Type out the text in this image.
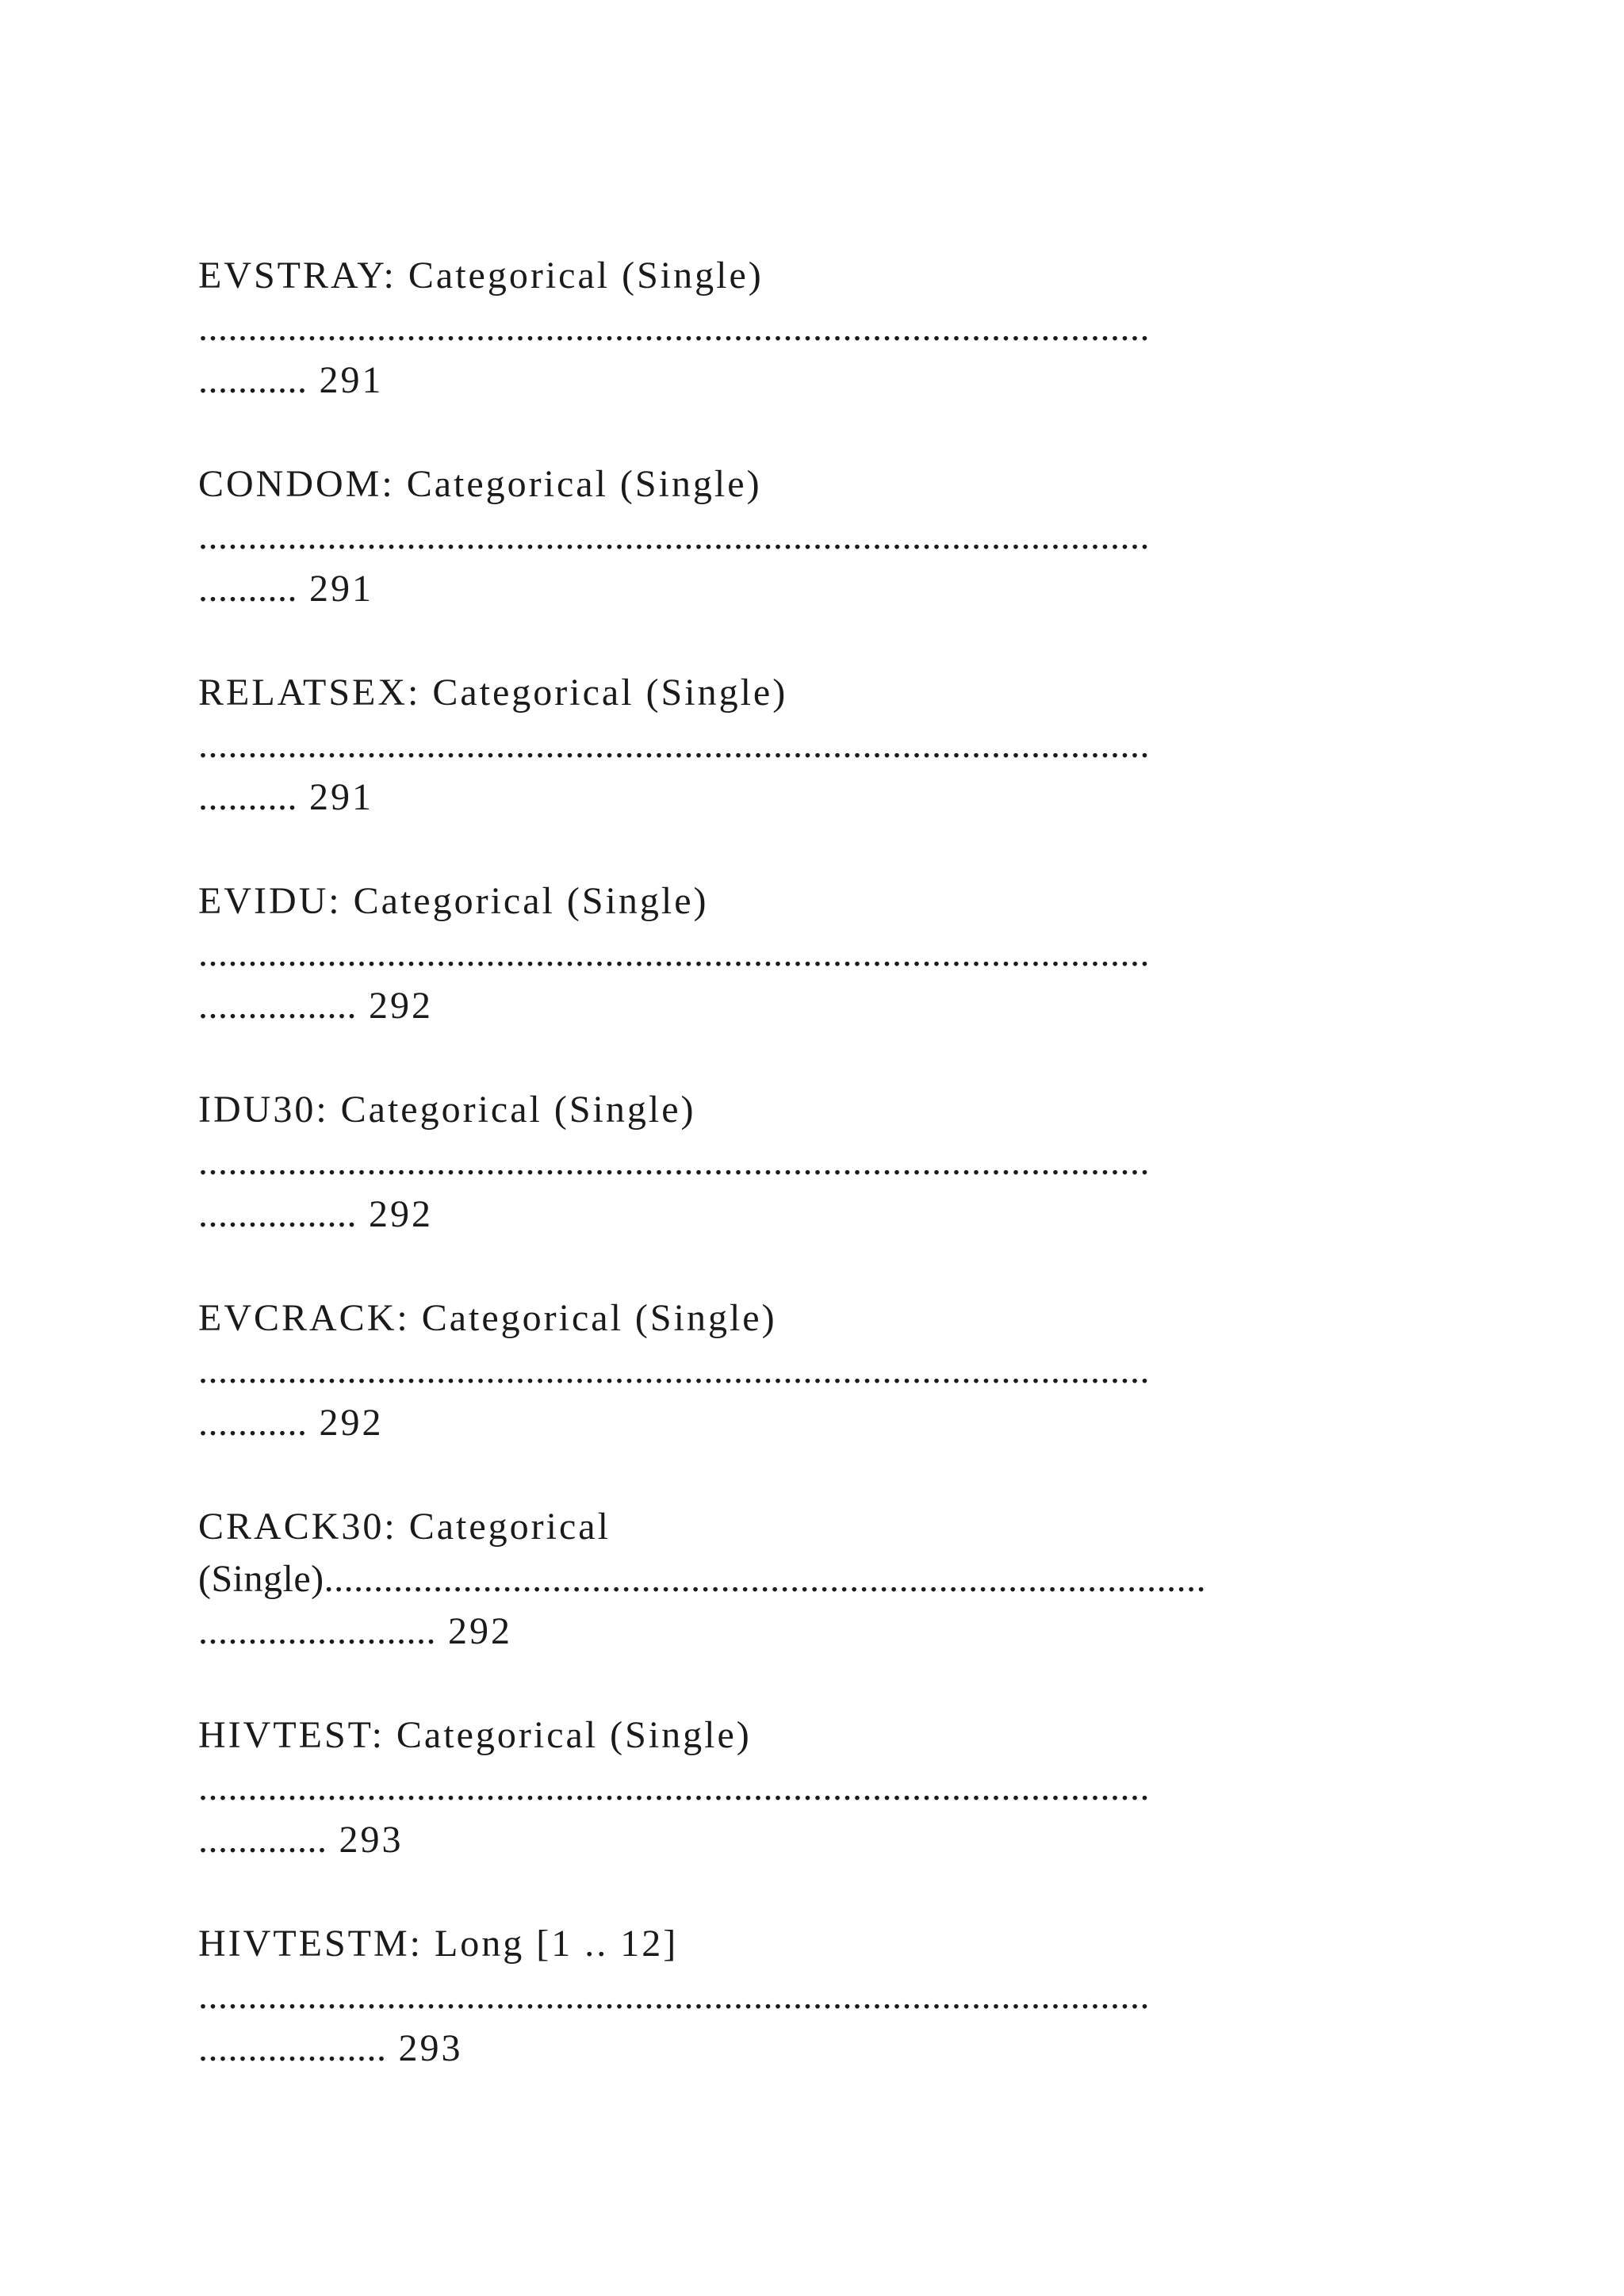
EVSTRAY: Categorical (Single)
................................................................................................
........... 291
CONDOM: Categorical (Single)
................................................................................................
.......... 291
RELATSEX: Categorical (Single)
................................................................................................
.......... 291
EVIDU: Categorical (Single)
................................................................................................
................ 292
IDU30: Categorical (Single)
................................................................................................
................ 292
EVCRACK: Categorical (Single)
................................................................................................
........... 292
CRACK30: Categorical
(Single).........................................................................................
........................ 292
HIVTEST: Categorical (Single)
................................................................................................
............. 293
HIVTESTM: Long [1 .. 12]
................................................................................................
................... 293
